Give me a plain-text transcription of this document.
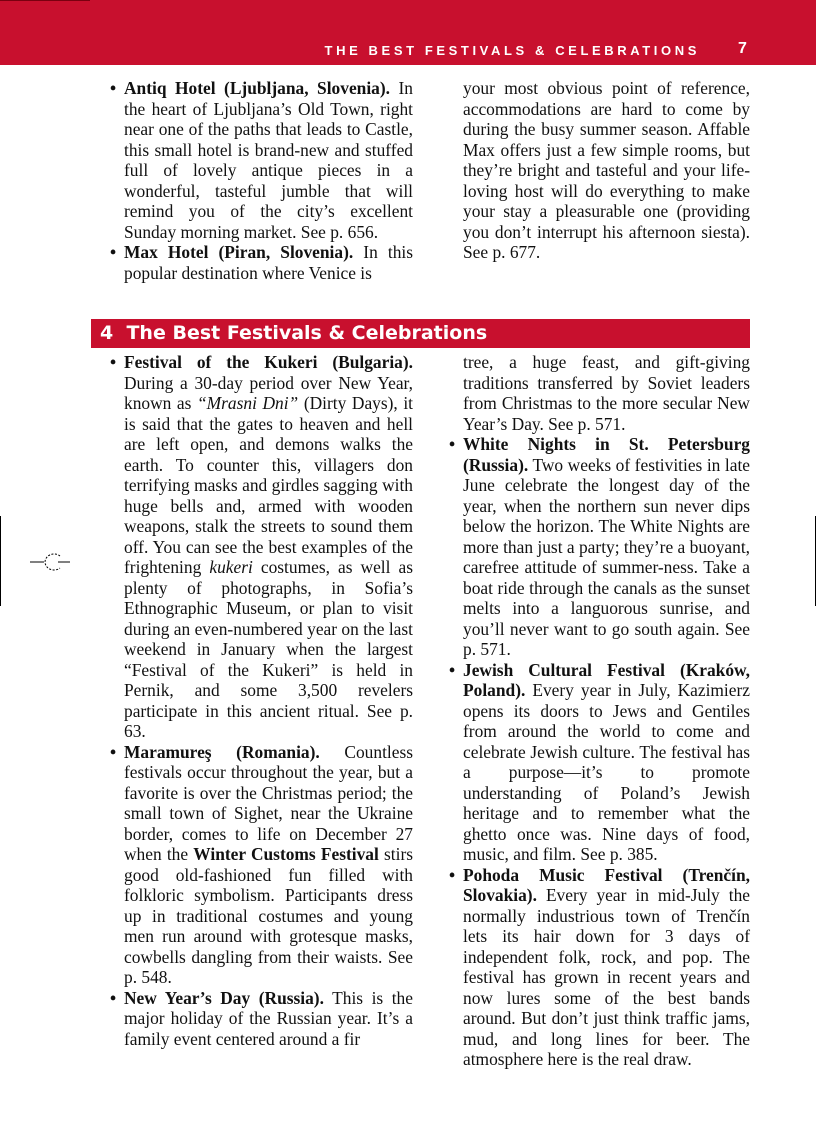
THE BEST FESTIVALS & CELEBRATIONS 7
• Antiq Hotel (Ljubljana, Slovenia). In the heart of Ljubljana’s Old Town, right near one of the paths that leads to Castle, this small hotel is brand-new and stuffed full of lovely antique pieces in a wonderful, tasteful jumble that will remind you of the city’s excellent Sunday morning market. See p. 656.
• Max Hotel (Piran, Slovenia). In this popular destination where Venice is

your most obvious point of reference, accommodations are hard to come by during the busy summer season. Affable Max offers just a few simple rooms, but they’re bright and tasteful and your life-loving host will do everything to make your stay a pleasurable one (providing you don’t interrupt his afternoon siesta). See p. 677.

4 The Best Festivals & Celebrations
• Festival of the Kukeri (Bulgaria). During a 30-day period over New Year, known as “Mrasni Dni” (Dirty Days), it is said that the gates to heaven and hell are left open, and demons walks the earth. To counter this, villagers don terrifying masks and girdles sagging with huge bells and, armed with wooden weapons, stalk the streets to sound them off. You can see the best examples of the frightening kukeri costumes, as well as plenty of photographs, in Sofia’s Ethnographic Museum, or plan to visit during an even-numbered year on the last weekend in January when the largest “Festival of the Kukeri” is held in Pernik, and some 3,500 revelers participate in this ancient ritual. See p. 63.
• Maramureş (Romania). Countless festivals occur throughout the year, but a favorite is over the Christmas period; the small town of Sighet, near the Ukraine border, comes to life on December 27 when the Winter Customs Festival stirs good old-fashioned fun filled with folkloric symbolism. Participants dress up in traditional costumes and young men run around with grotesque masks, cowbells dangling from their waists. See p. 548.
• New Year’s Day (Russia). This is the major holiday of the Russian year. It’s a family event centered around a fir

tree, a huge feast, and gift-giving traditions transferred by Soviet leaders from Christmas to the more secular New Year’s Day. See p. 571.

• White Nights in St. Petersburg (Russia). Two weeks of festivities in late June celebrate the longest day of the year, when the northern sun never dips below the horizon. The White Nights are more than just a party; they’re a buoyant, carefree attitude of summer-ness. Take a boat ride through the canals as the sunset melts into a languorous sunrise, and you’ll never want to go south again. See p. 571.
• Jewish Cultural Festival (Kraków, Poland). Every year in July, Kazimierz opens its doors to Jews and Gentiles from around the world to come and celebrate Jewish culture. The festival has a purpose—it’s to promote understanding of Poland’s Jewish heritage and to remember what the ghetto once was. Nine days of food, music, and film. See p. 385.
• Pohoda Music Festival (Trenčín, Slovakia). Every year in mid-July the normally industrious town of Trenčín lets its hair down for 3 days of independent folk, rock, and pop. The festival has grown in recent years and now lures some of the best bands around. But don’t just think traffic jams, mud, and long lines for beer. The atmosphere here is the real draw.
